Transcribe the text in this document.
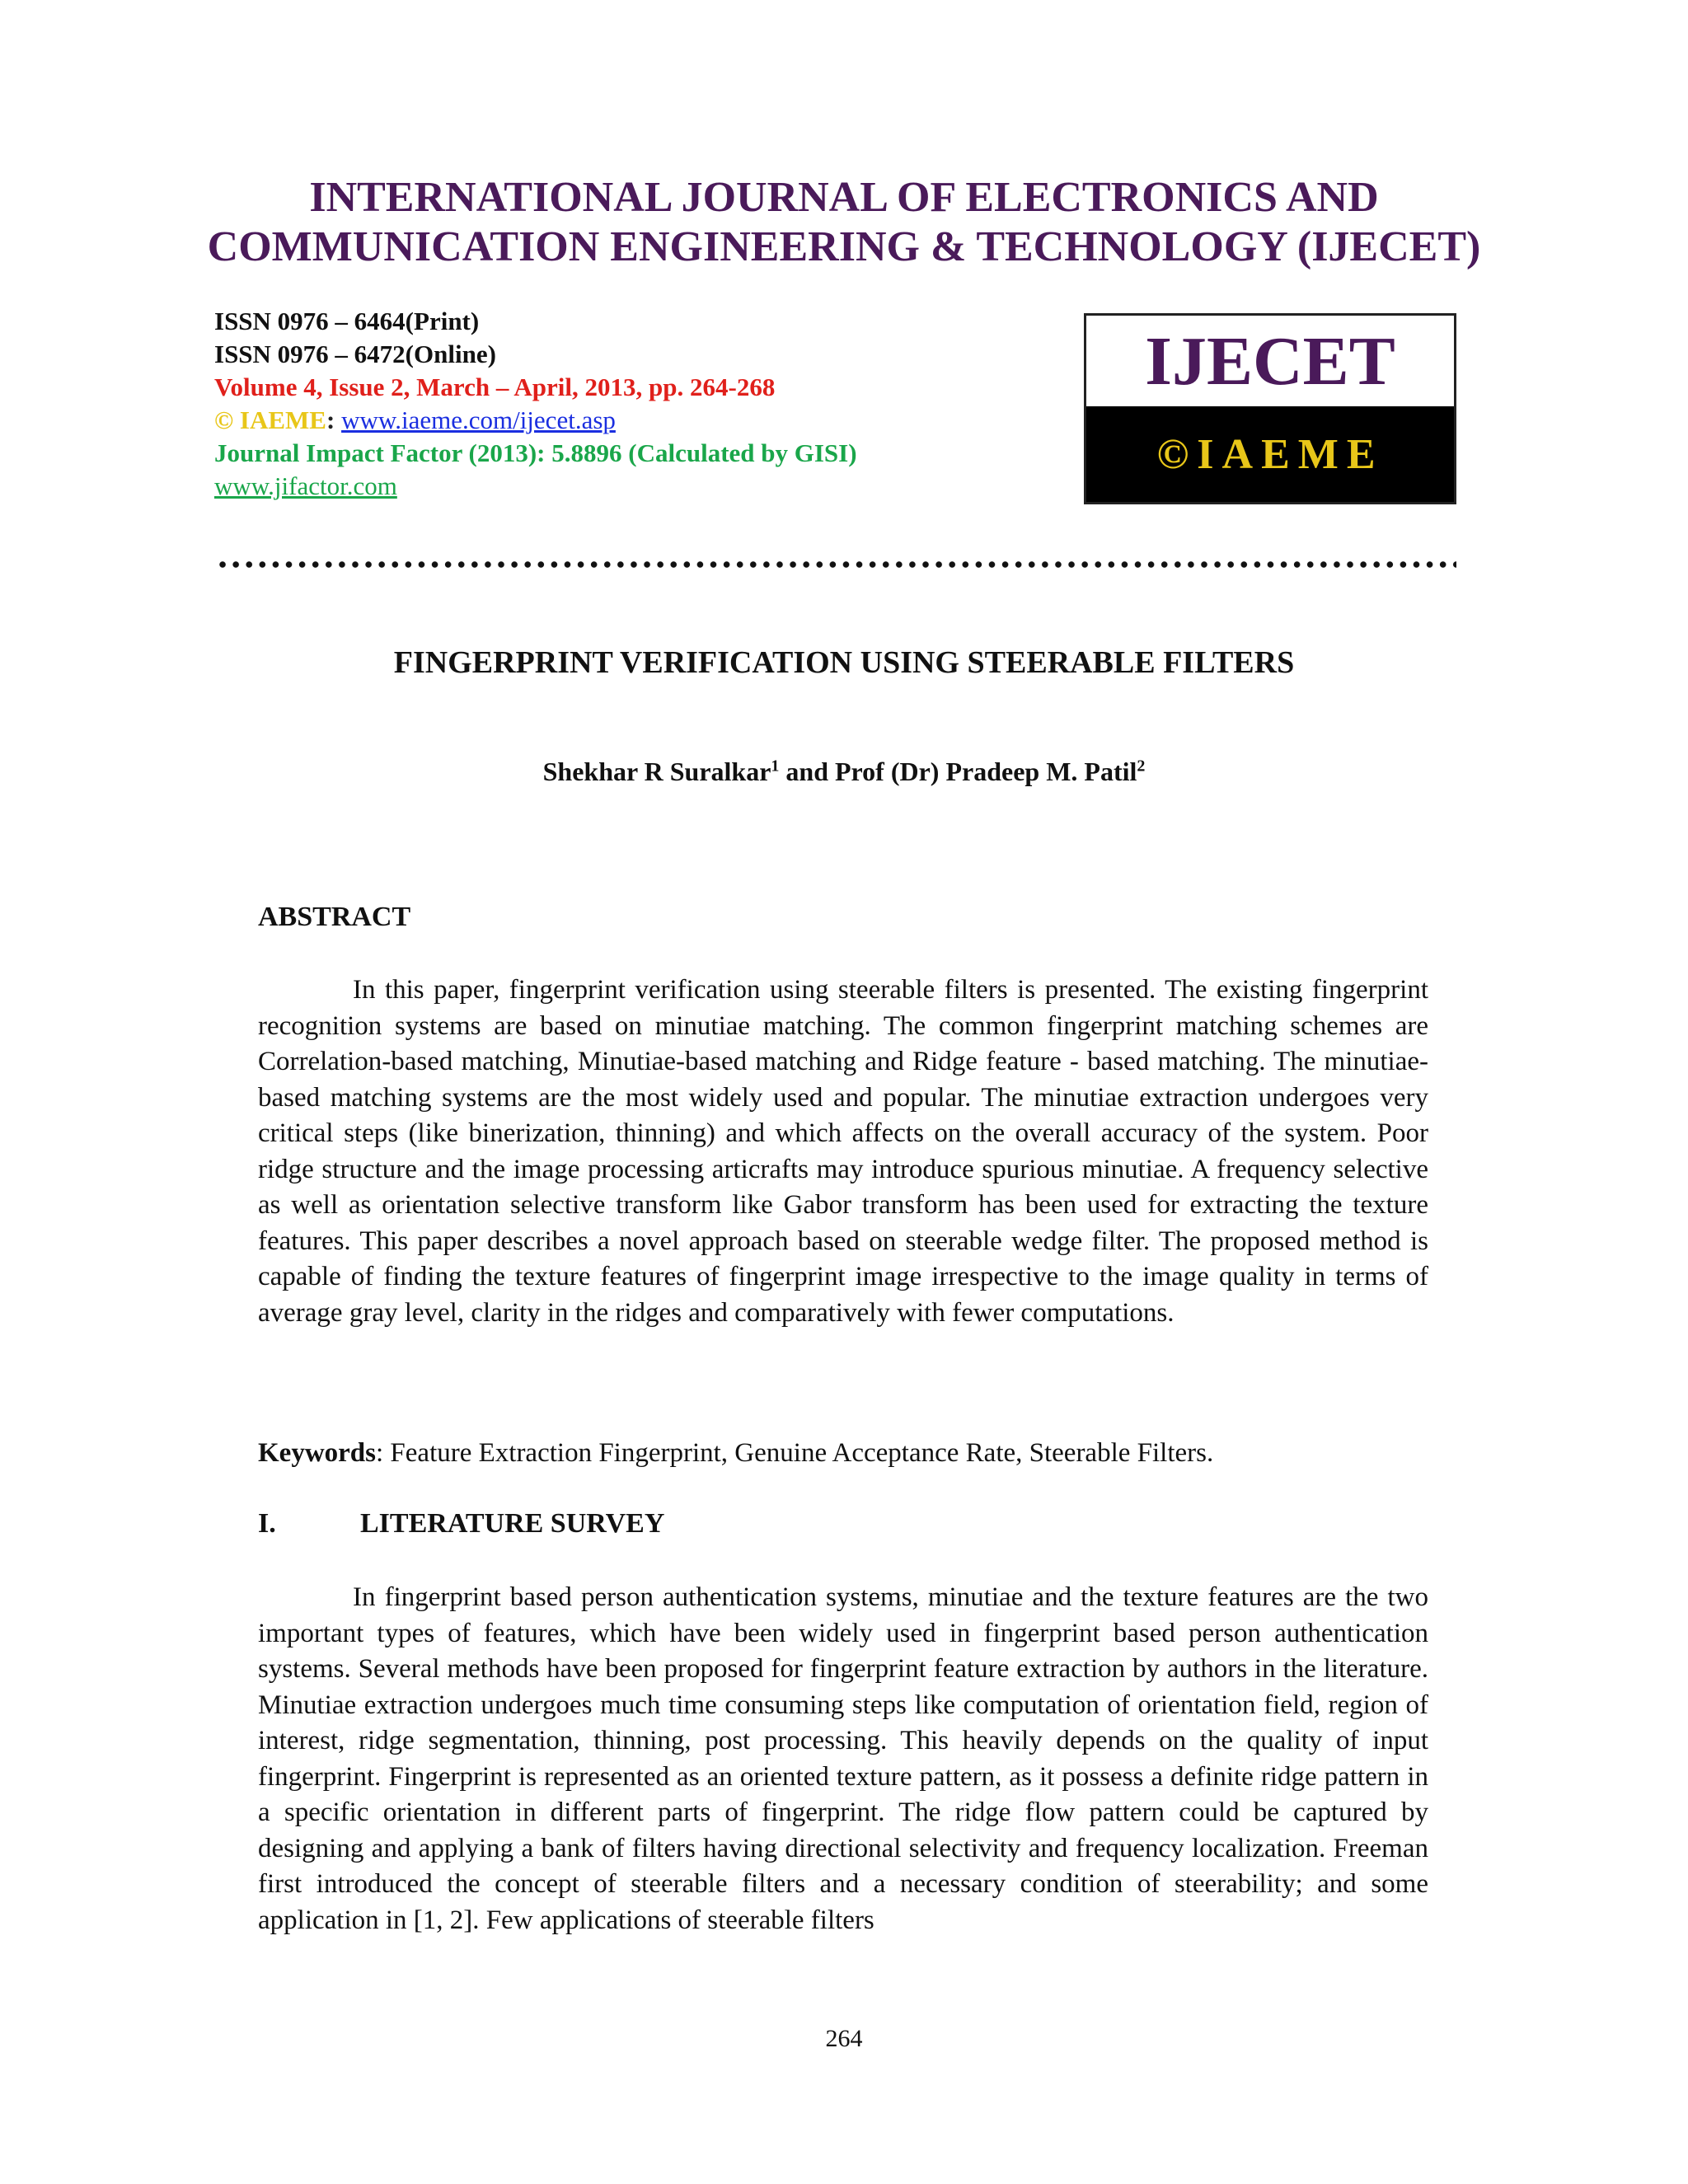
INTERNATIONAL JOURNAL OF ELECTRONICS AND
COMMUNICATION ENGINEERING & TECHNOLOGY (IJECET)
ISSN 0976 – 6464(Print)
ISSN 0976 – 6472(Online)
Volume 4, Issue 2, March – April, 2013, pp. 264-268
© IAEME: www.iaeme.com/ijecet.asp
Journal Impact Factor (2013): 5.8896 (Calculated by GISI)
www.jifactor.com
IJECET
©IAEME
FINGERPRINT VERIFICATION USING STEERABLE FILTERS
Shekhar R Suralkar$^1$ and Prof (Dr) Pradeep M. Patil$^2$
ABSTRACT
In this paper, fingerprint verification using steerable filters is presented. The existing fingerprint recognition systems are based on minutiae matching. The common fingerprint matching schemes are Correlation-based matching, Minutiae-based matching and Ridge feature - based matching. The minutiae-based matching systems are the most widely used and popular. The minutiae extraction undergoes very critical steps (like binerization, thinning) and which affects on the overall accuracy of the system. Poor ridge structure and the image processing articrafts may introduce spurious minutiae. A frequency selective as well as orientation selective transform like Gabor transform has been used for extracting the texture features. This paper describes a novel approach based on steerable wedge filter. The proposed method is capable of finding the texture features of fingerprint image irrespective to the image quality in terms of average gray level, clarity in the ridges and comparatively with fewer computations.
Keywords: Feature Extraction Fingerprint, Genuine Acceptance Rate, Steerable Filters.
I.	LITERATURE SURVEY
In fingerprint based person authentication systems, minutiae and the texture features are the two important types of features, which have been widely used in fingerprint based person authentication systems. Several methods have been proposed for fingerprint feature extraction by authors in the literature. Minutiae extraction undergoes much time consuming steps like computation of orientation field, region of interest, ridge segmentation, thinning, post processing. This heavily depends on the quality of input fingerprint. Fingerprint is represented as an oriented texture pattern, as it possess a definite ridge pattern in a specific orientation in different parts of fingerprint. The ridge flow pattern could be captured by designing and applying a bank of filters having directional selectivity and frequency localization. Freeman first introduced the concept of steerable filters and a necessary condition of steerability; and some application in [1, 2]. Few applications of steerable filters
264
